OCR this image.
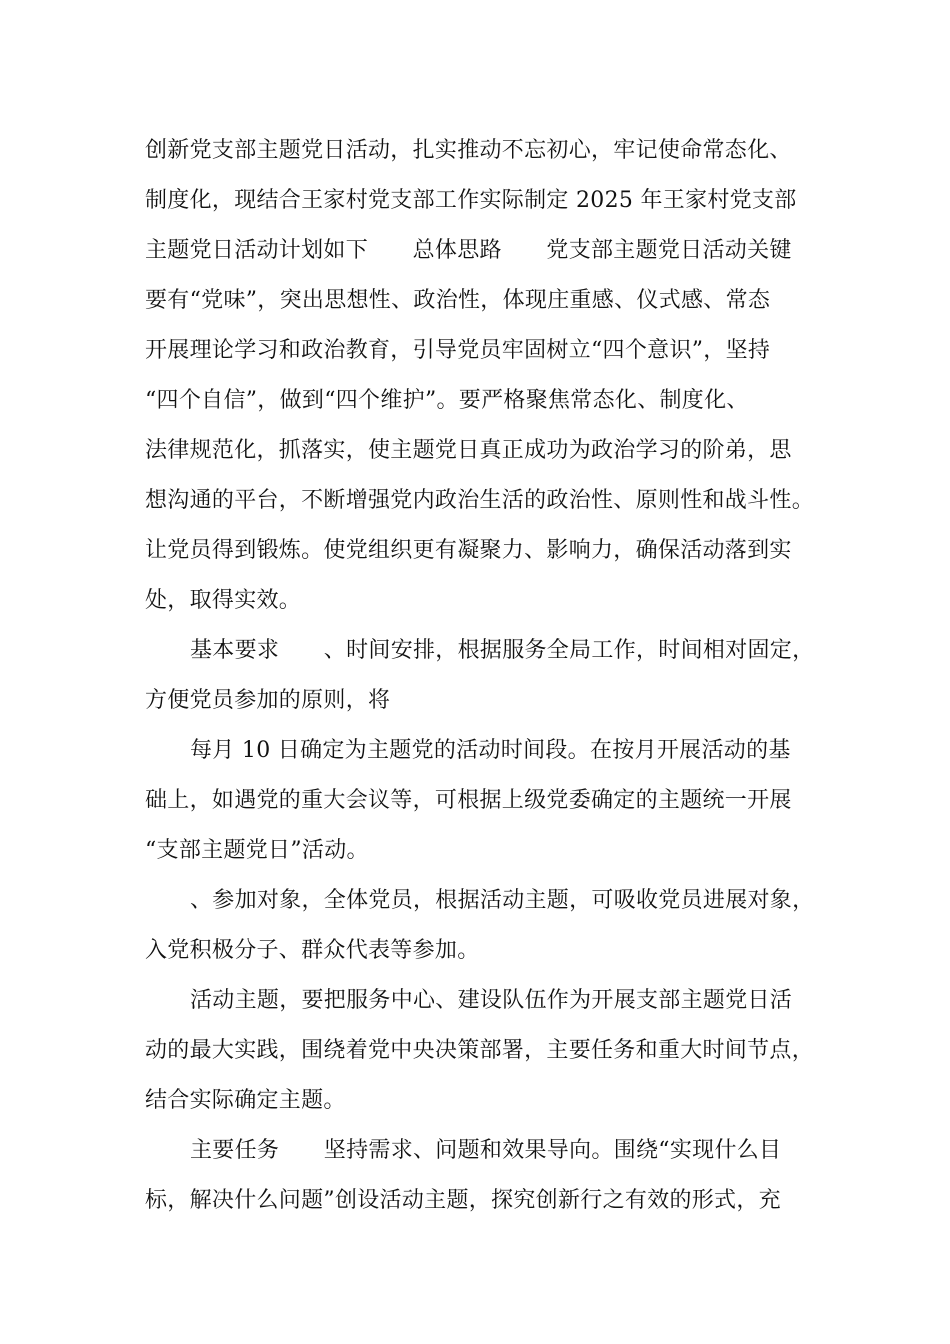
创新党支部主题党日活动，扎实推动不忘初心，牢记使命常态化、
制度化，现结合王家村党支部工作实际制定 2025 年王家村党支部
主题党日活动计划如下　　总体思路　　党支部主题党日活动关键
要有“党味”，突出思想性、政治性，体现庄重感、仪式感、常态
开展理论学习和政治教育，引导党员牢固树立“四个意识”，坚持
“四个自信”，做到“四个维护”。要严格聚焦常态化、制度化、
法律规范化，抓落实，使主题党日真正成功为政治学习的阶弟，思
想沟通的平台，不断增强党内政治生活的政治性、原则性和战斗性。
让党员得到锻炼。使党组织更有凝聚力、影响力，确保活动落到实
处，取得实效。
基本要求　　、时间安排，根据服务全局工作，时间相对固定，
方便党员参加的原则，将
每月 10 日确定为主题党的活动时间段。在按月开展活动的基
础上，如遇党的重大会议等，可根据上级党委确定的主题统一开展
“支部主题党日”活动。
、参加对象，全体党员，根据活动主题，可吸收党员进展对象，
入党积极分子、群众代表等参加。
活动主题，要把服务中心、建设队伍作为开展支部主题党日活
动的最大实践，围绕着党中央决策部署，主要任务和重大时间节点，
结合实际确定主题。
主要任务　　坚持需求、问题和效果导向。围绕“实现什么目
标，解决什么问题”创设活动主题，探究创新行之有效的形式，充
